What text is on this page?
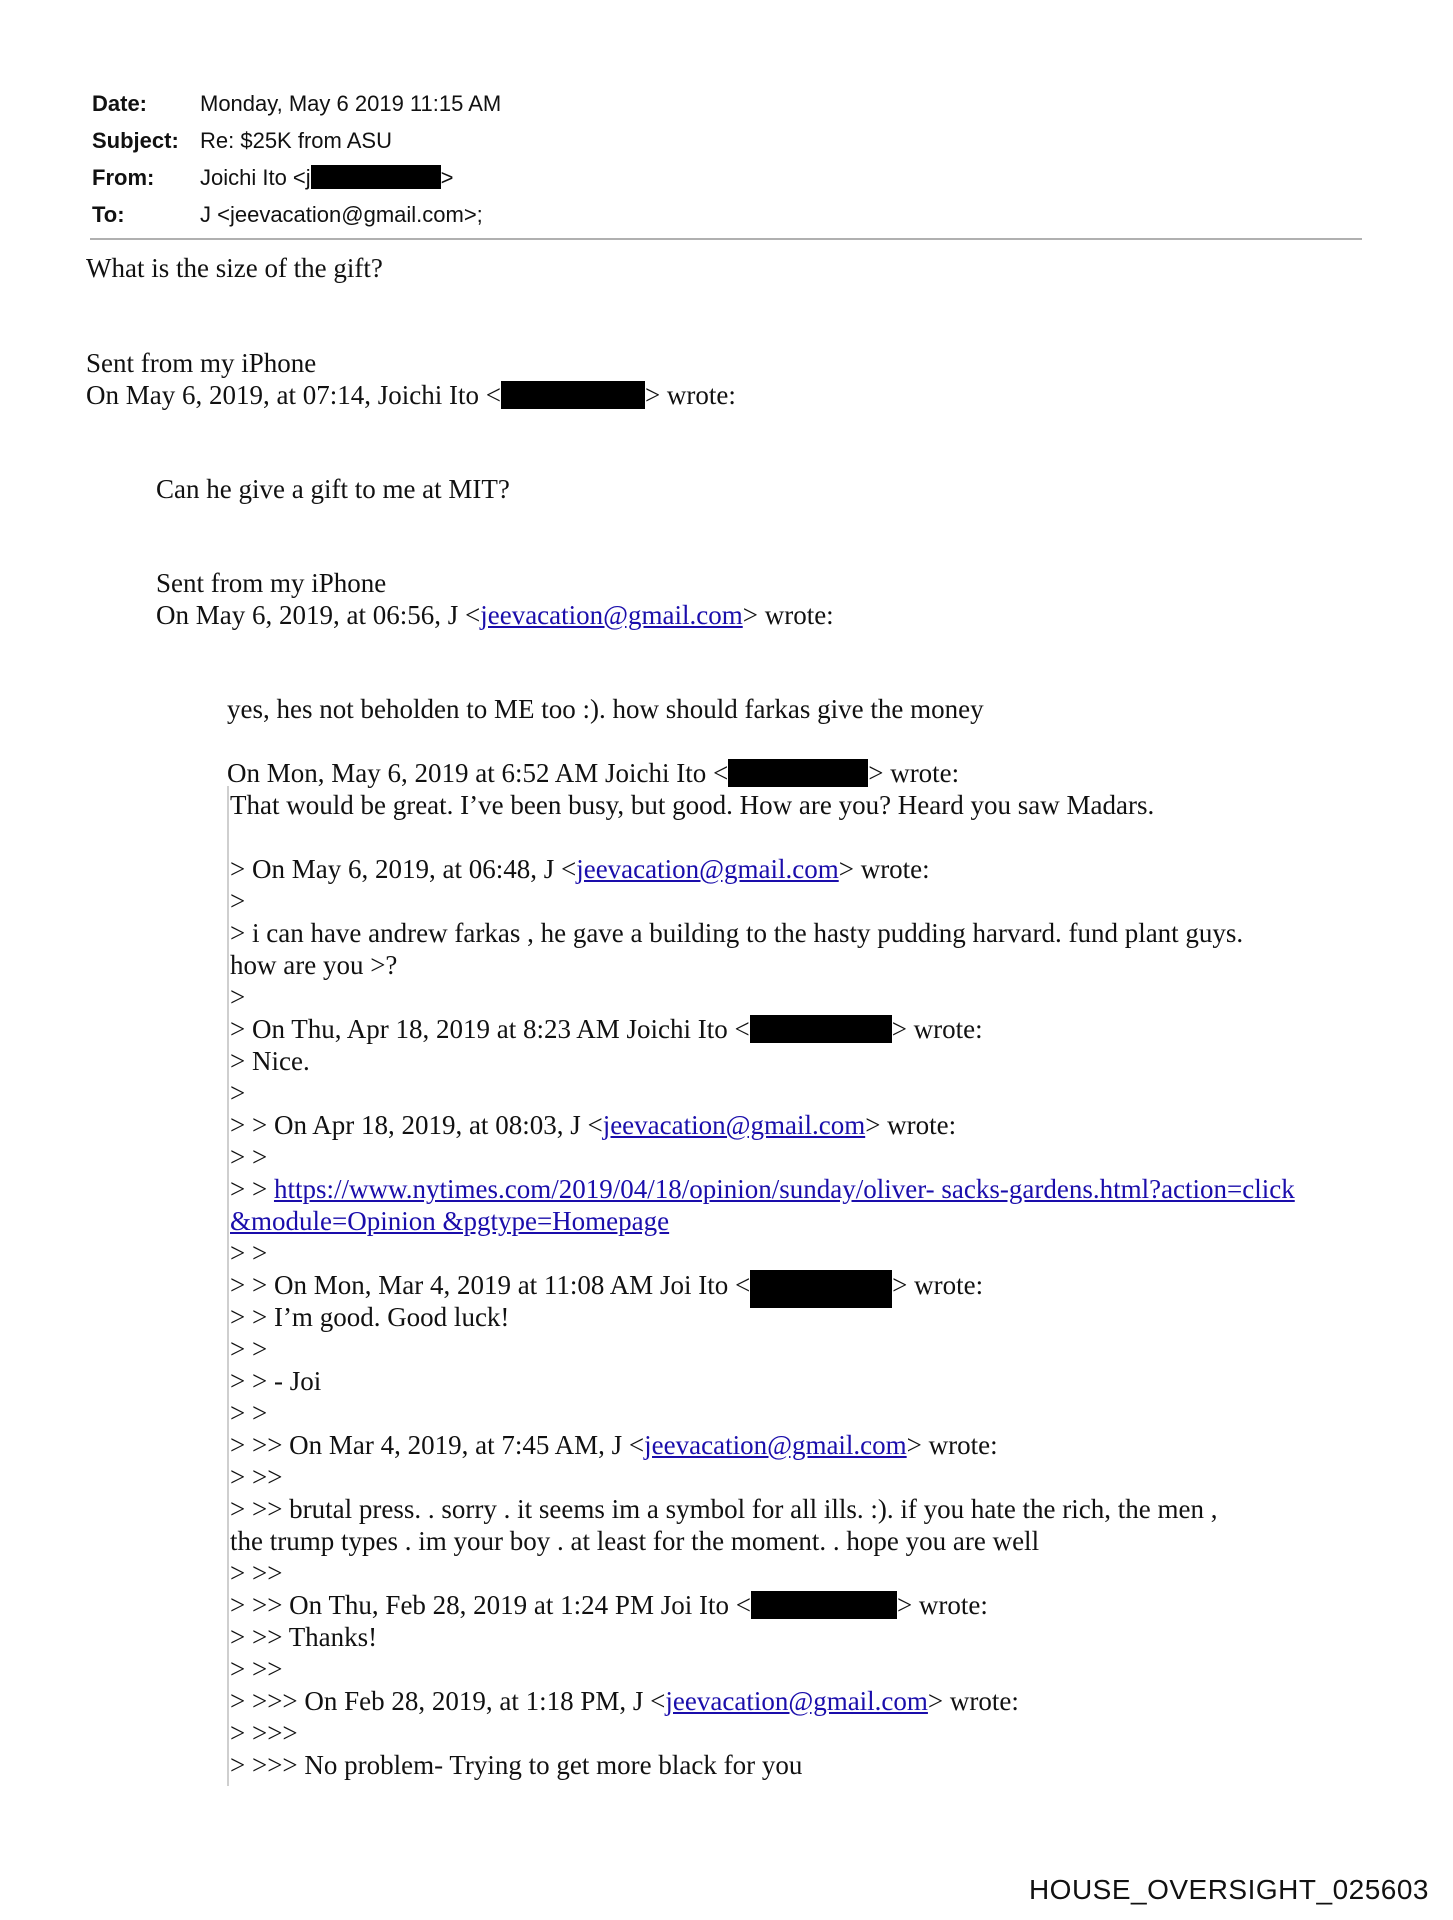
Date: Monday, May 6 2019 11:15 AM
Subject: Re: $25K from ASU
From: Joichi Ito <j	>
To:	J <jeevacation@gmail.com>;
What is the size of the gift?
Sent from my iPhone
On May 6, 2019, at 07:14, Joichi Ito <	> wrote:
Can he give a gift to me at MIT?
Sent from my iPhone
On May 6, 2019, at 06:56, J <jeevacation@gmail.com> wrote:
yes, hes not beholden to ME too :). how should farkas give the money
On Mon, May 6, 2019 at 6:52 AM Joichi Ito <	> wrote:
That would be great. I’ve been busy, but good. How are you? Heard you saw Madars.
> On May 6, 2019, at 06:48, J <jeevacation@gmail.com> wrote:
>
> i can have andrew farkas , he gave a building to the hasty pudding harvard. fund plant guys.
how are you >?
>
> On Thu, Apr 18, 2019 at 8:23 AM Joichi Ito <	> wrote:
> Nice.
>
> > On Apr 18, 2019, at 08:03, J <jeevacation@gmail.com> wrote:
> >
> > https://www.nytimes.com/2019/04/18/opinion/sunday/oliver- sacks-gardens.html?action=click
&module=Opinion &pgtype=Homepage
> >
> > On Mon, Mar 4, 2019 at 11:08 AM Joi Ito <	> wrote:
> > I’m good. Good luck!
> >
> > - Joi
> >
> >> On Mar 4, 2019, at 7:45 AM, J <jeevacation@gmail.com> wrote:
> >>
> >> brutal press. . sorry . it seems im a symbol for all ills. :). if you hate the rich, the men ,
the trump types . im your boy . at least for the moment. . hope you are well
> >>
> >> On Thu, Feb 28, 2019 at 1:24 PM Joi Ito <	> wrote:
> >> Thanks!
> >>
> >>> On Feb 28, 2019, at 1:18 PM, J <jeevacation@gmail.com> wrote:
> >>>
> >>> No problem- Trying to get more black for you
HOUSE_OVERSIGHT_025603
